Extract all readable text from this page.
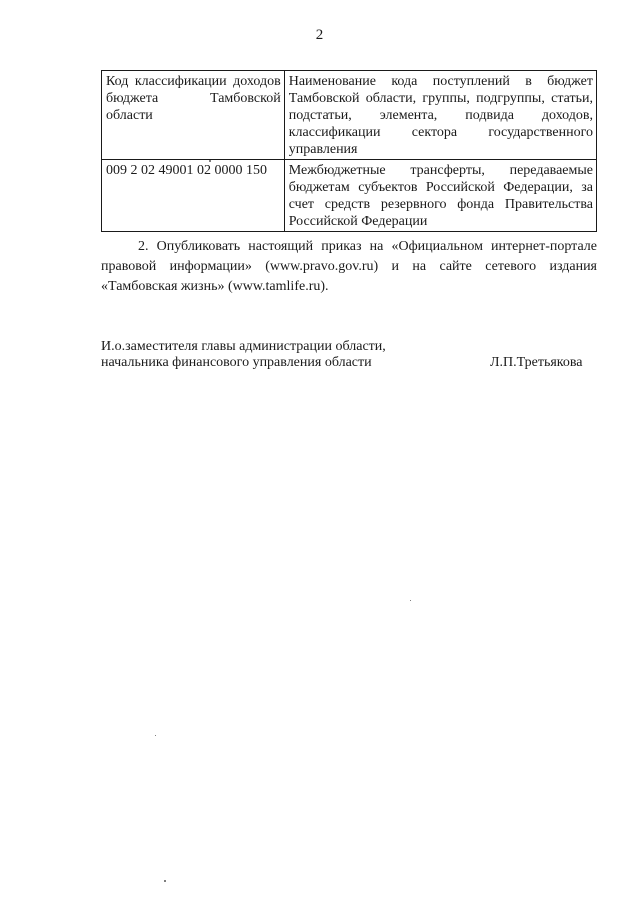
2
Код классификации доходов бюджета Тамбовской области	Наименование кода поступлений в бюджет Тамбовской области, группы, подгруппы, статьи, подстатьи, элемента, подвида доходов, классификации сектора государственного управления
009 2 02 49001 02 0000 150	Межбюджетные трансферты, передаваемые бюджетам субъектов Российской Федерации, за счет средств резервного фонда Правительства Российской Федерации
2. Опубликовать настоящий приказ на «Официальном интернет-портале правовой информации» (www.pravo.gov.ru) и на сайте сетевого издания «Тамбовская жизнь» (www.tamlife.ru).
И.о.заместителя главы администрации области,
начальника финансового управления области	Л.П.Третьякова
